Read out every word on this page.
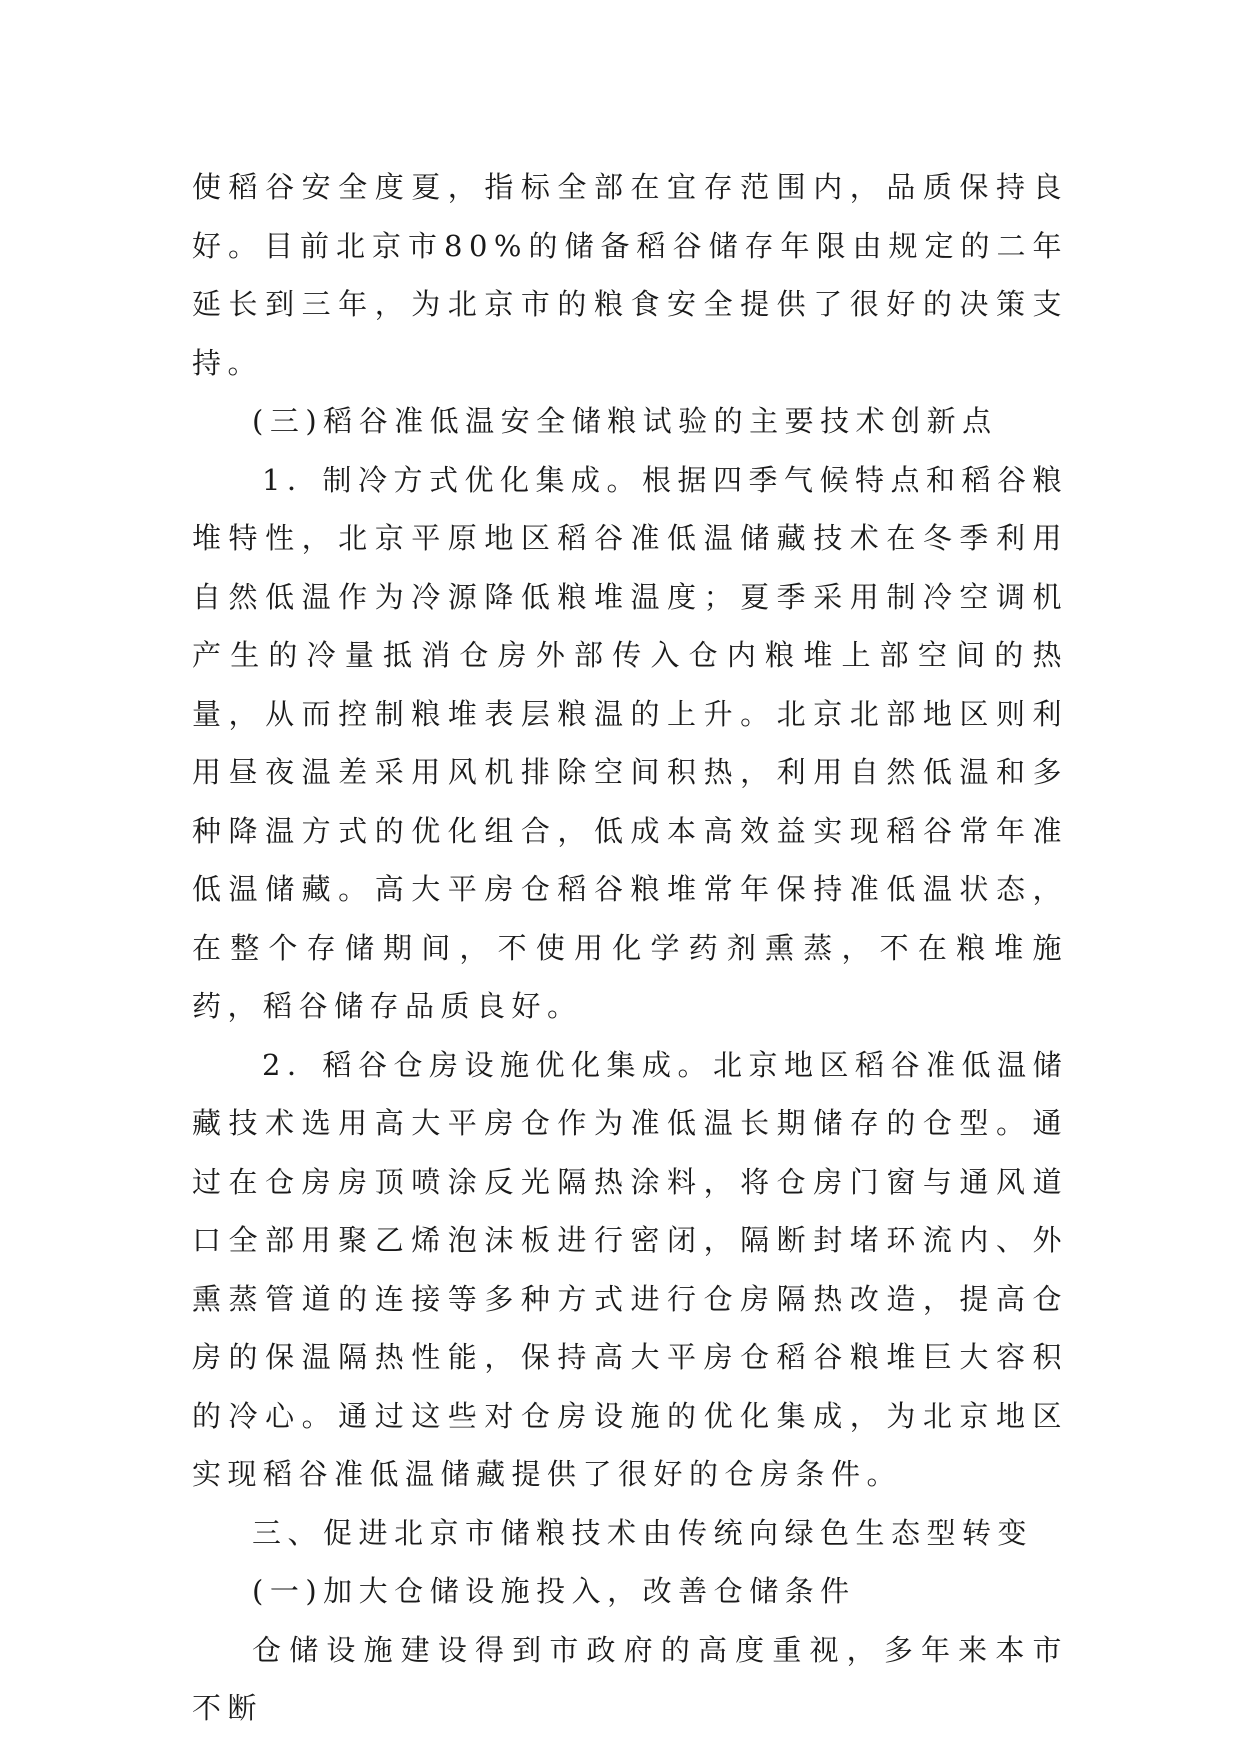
使稻谷安全度夏，指标全部在宜存范围内，品质保持良好。目前北京市80%的储备稻谷储存年限由规定的二年延长到三年，为北京市的粮食安全提供了很好的决策支持。

(三)稻谷准低温安全储粮试验的主要技术创新点

1．制冷方式优化集成。根据四季气候特点和稻谷粮堆特性，北京平原地区稻谷准低温储藏技术在冬季利用自然低温作为冷源降低粮堆温度；夏季采用制冷空调机产生的冷量抵消仓房外部传入仓内粮堆上部空间的热量，从而控制粮堆表层粮温的上升。北京北部地区则利用昼夜温差采用风机排除空间积热，利用自然低温和多种降温方式的优化组合，低成本高效益实现稻谷常年准低温储藏。高大平房仓稻谷粮堆常年保持准低温状态，在整个存储期间，不使用化学药剂熏蒸，不在粮堆施药，稻谷储存品质良好。

2．稻谷仓房设施优化集成。北京地区稻谷准低温储藏技术选用高大平房仓作为准低温长期储存的仓型。通过在仓房房顶喷涂反光隔热涂料，将仓房门窗与通风道口全部用聚乙烯泡沫板进行密闭，隔断封堵环流内、外熏蒸管道的连接等多种方式进行仓房隔热改造，提高仓房的保温隔热性能，保持高大平房仓稻谷粮堆巨大容积的冷心。通过这些对仓房设施的优化集成，为北京地区实现稻谷准低温储藏提供了很好的仓房条件。

三、促进北京市储粮技术由传统向绿色生态型转变

(一)加大仓储设施投入，改善仓储条件

仓储设施建设得到市政府的高度重视，多年来本市不断
